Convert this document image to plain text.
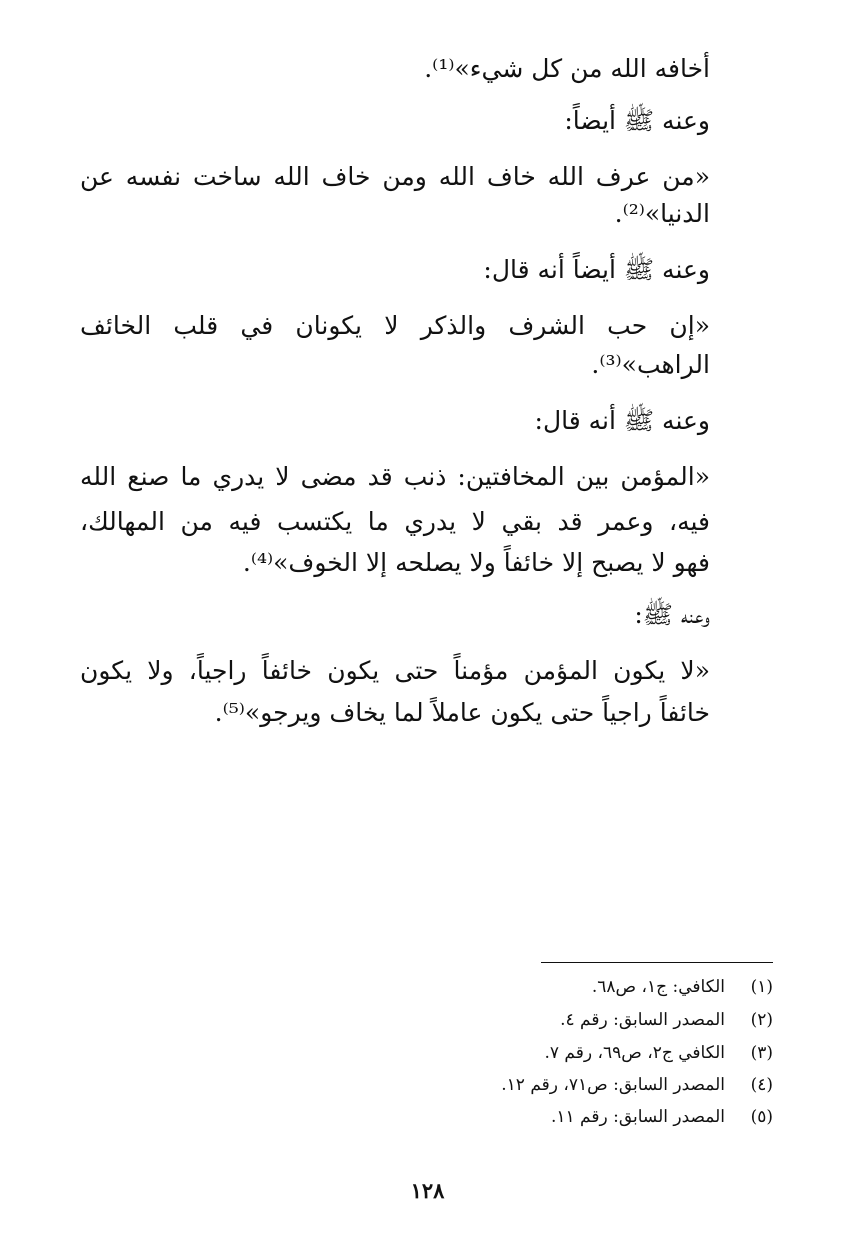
أخافه الله من كل شيء»⁽¹⁾.
وعنه ﷺ أيضاً:
«من عرف الله خاف الله ومن خاف الله ساخت نفسه عن
الدنيا»⁽²⁾.
وعنه ﷺ أيضاً أنه قال:
«إن حب الشرف والذكر لا يكونان في قلب الخائف
الراهب»⁽³⁾.
وعنه ﷺ أنه قال:
«المؤمن بين المخافتين: ذنب قد مضى لا يدري ما صنع الله
فيه، وعمر قد بقي لا يدري ما يكتسب فيه من المهالك،
فهو لا يصبح إلا خائفاً ولا يصلحه إلا الخوف»⁽⁴⁾.
وعنه ﷺ:
«لا يكون المؤمن مؤمناً حتى يكون خائفاً راجياً، ولا يكون
خائفاً راجياً حتى يكون عاملاً لما يخاف ويرجو»⁽⁵⁾.
(١)الكافي: ج١، ص٦٨.
(٢)المصدر السابق: رقم ٤.
(٣)الكافي ج٢، ص٦٩، رقم ٧.
(٤)المصدر السابق: ص٧١، رقم ١٢.
(٥)المصدر السابق: رقم ١١.
١٢٨
